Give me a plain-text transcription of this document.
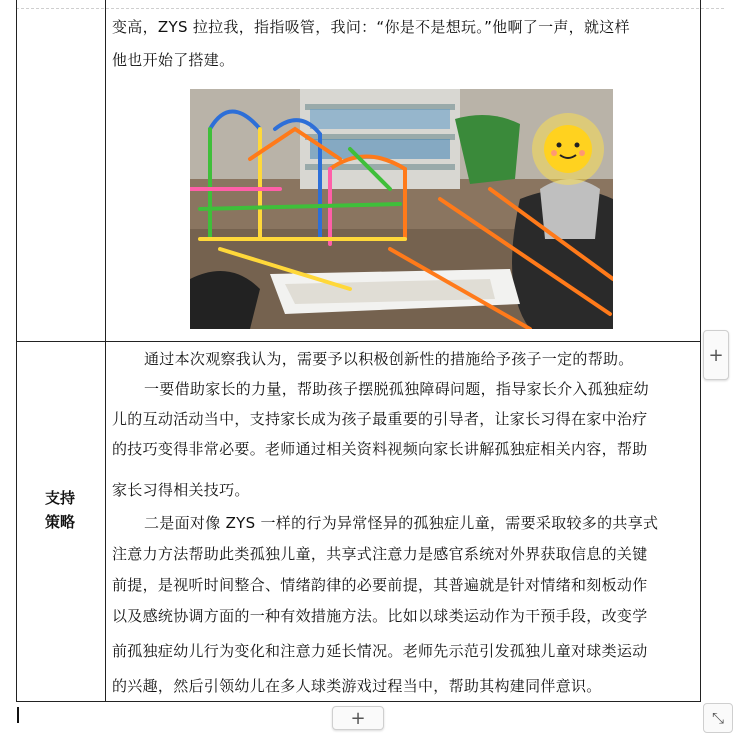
变高，ZYS 拉拉我，指指吸管，我问：“你是不是想玩。”他啊了一声，就这样
他也开始了搭建。
支持
策略
通过本次观察我认为，需要予以积极创新性的措施给予孩子一定的帮助。
一要借助家长的力量，帮助孩子摆脱孤独障碍问题，指导家长介入孤独症幼
儿的互动活动当中，支持家长成为孩子最重要的引导者，让家长习得在家中治疗
的技巧变得非常必要。老师通过相关资料视频向家长讲解孤独症相关内容，帮助
家长习得相关技巧。
二是面对像 ZYS 一样的行为异常怪异的孤独症儿童，需要采取较多的共享式
注意力方法帮助此类孤独儿童，共享式注意力是感官系统对外界获取信息的关键
前提，是视听时间整合、情绪韵律的必要前提，其普遍就是针对情绪和刻板动作
以及感统协调方面的一种有效措施方法。比如以球类运动作为干预手段，改变学
前孤独症幼儿行为变化和注意力延长情况。老师先示范引发孤独儿童对球类运动
的兴趣，然后引领幼儿在多人球类游戏过程当中，帮助其构建同伴意识。
+
+	⤡
